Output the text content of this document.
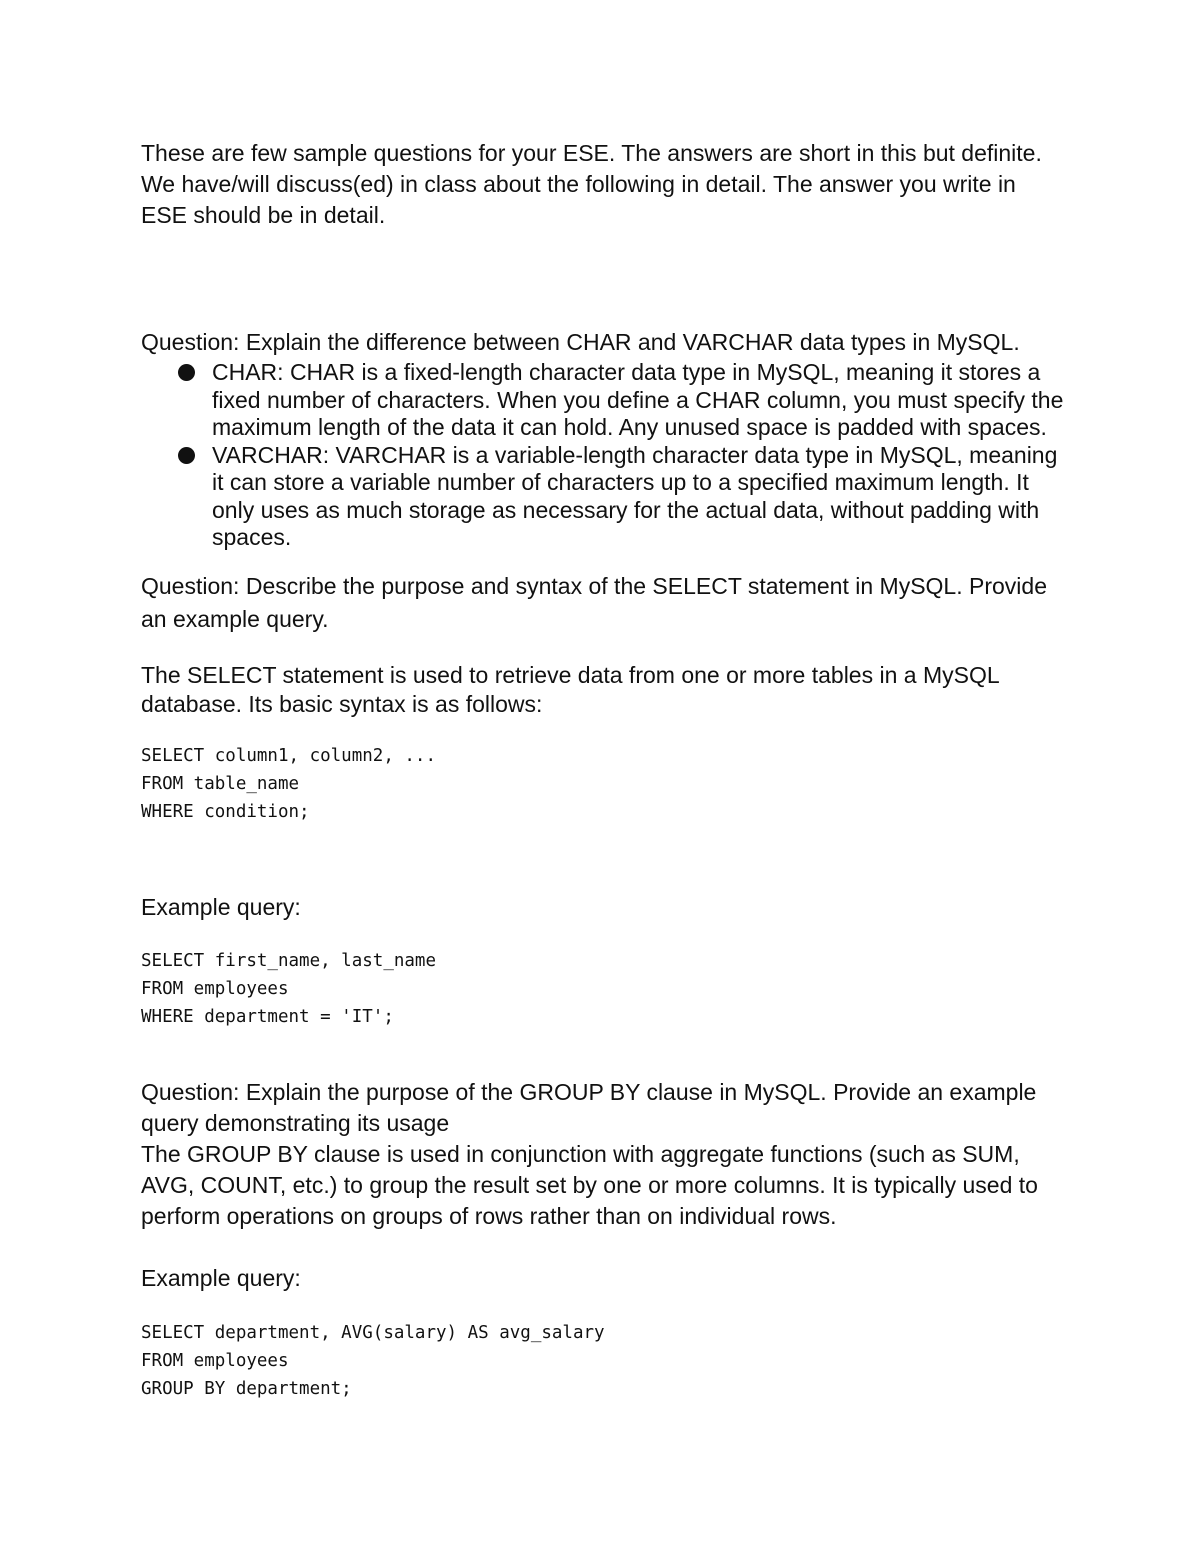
These are few sample questions for your ESE. The answers are short in this but definite.
We have/will discuss(ed) in class about the following in detail. The answer you write in
ESE should be in detail.

Question: Explain the difference between CHAR and VARCHAR data types in MySQL.

CHAR: CHAR is a fixed-length character data type in MySQL, meaning it stores a fixed number of characters. When you define a CHAR column, you must specify the maximum length of the data it can hold. Any unused space is padded with spaces.
VARCHAR: VARCHAR is a variable-length character data type in MySQL, meaning it can store a variable number of characters up to a specified maximum length. It only uses as much storage as necessary for the actual data, without padding with spaces.

Question: Describe the purpose and syntax of the SELECT statement in MySQL. Provide
an example query.

The SELECT statement is used to retrieve data from one or more tables in a MySQL
database. Its basic syntax is as follows:

SELECT column1, column2, ...
FROM table_name
WHERE condition;

Example query:

SELECT first_name, last_name
FROM employees
WHERE department = 'IT';

Question: Explain the purpose of the GROUP BY clause in MySQL. Provide an example
query demonstrating its usage

The GROUP BY clause is used in conjunction with aggregate functions (such as SUM,
AVG, COUNT, etc.) to group the result set by one or more columns. It is typically used to
perform operations on groups of rows rather than on individual rows.

Example query:

SELECT department, AVG(salary) AS avg_salary
FROM employees
GROUP BY department;
